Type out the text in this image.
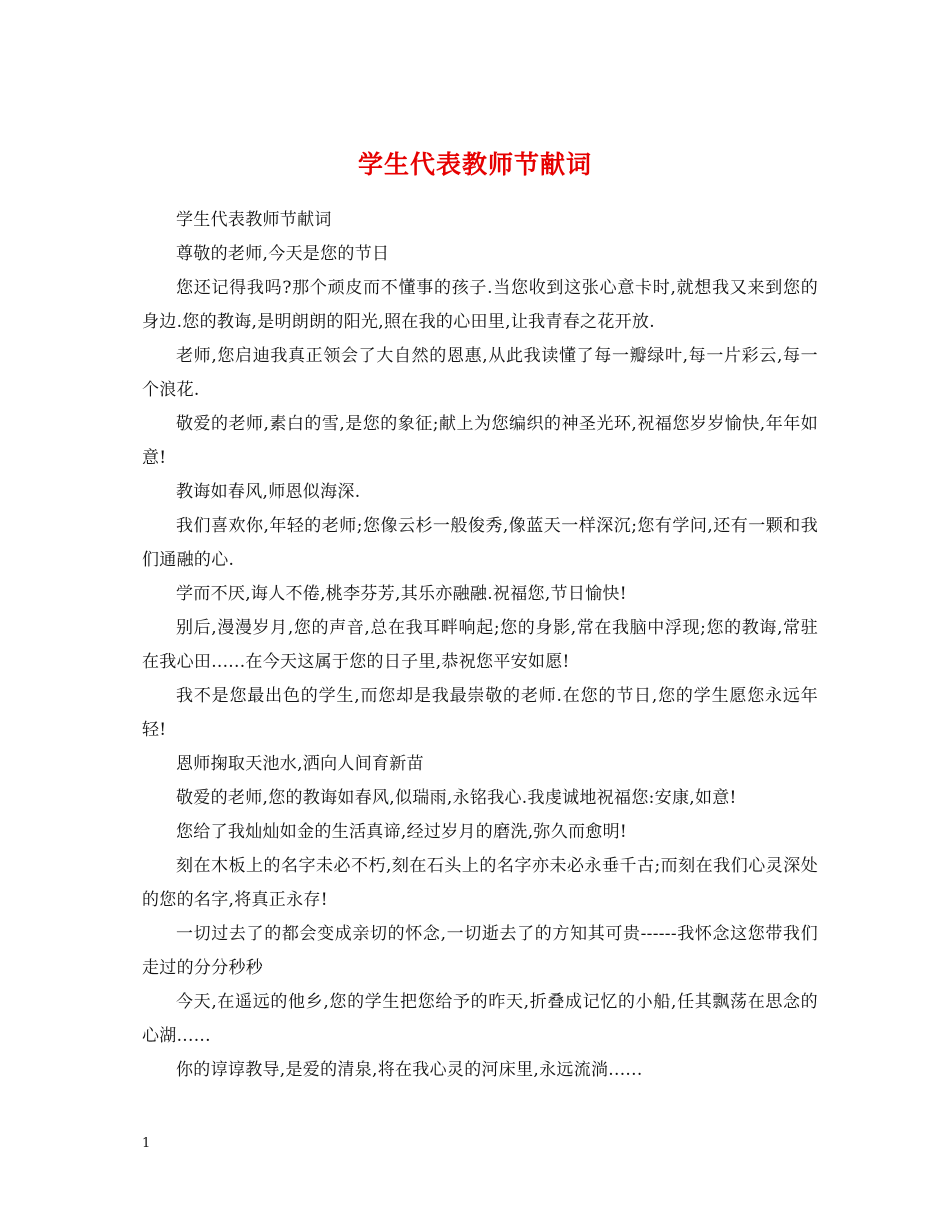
学生代表教师节献词

学生代表教师节献词

尊敬的老师,今天是您的节日

您还记得我吗?那个顽皮而不懂事的孩子.当您收到这张心意卡时,就想我又来到您的身边.您的教诲,是明朗朗的阳光,照在我的心田里,让我青春之花开放.

老师,您启迪我真正领会了大自然的恩惠,从此我读懂了每一瓣绿叶,每一片彩云,每一个浪花.

敬爱的老师,素白的雪,是您的象征;献上为您编织的神圣光环,祝福您岁岁愉快,年年如意!

教诲如春风,师恩似海深.

我们喜欢你,年轻的老师;您像云杉一般俊秀,像蓝天一样深沉;您有学问,还有一颗和我们通融的心.

学而不厌,诲人不倦,桃李芬芳,其乐亦融融.祝福您,节日愉快!

别后,漫漫岁月,您的声音,总在我耳畔响起;您的身影,常在我脑中浮现;您的教诲,常驻在我心田......在今天这属于您的日子里,恭祝您平安如愿!

我不是您最出色的学生,而您却是我最崇敬的老师.在您的节日,您的学生愿您永远年轻!

恩师掬取天池水,洒向人间育新苗

敬爱的老师,您的教诲如春风,似瑞雨,永铭我心.我虔诚地祝福您:安康,如意!

您给了我灿灿如金的生活真谛,经过岁月的磨洗,弥久而愈明!

刻在木板上的名字未必不朽,刻在石头上的名字亦未必永垂千古;而刻在我们心灵深处的您的名字,将真正永存!

一切过去了的都会变成亲切的怀念,一切逝去了的方知其可贵------我怀念这您带我们走过的分分秒秒

今天,在遥远的他乡,您的学生把您给予的昨天,折叠成记忆的小船,任其飘荡在思念的心湖......

你的谆谆教导,是爱的清泉,将在我心灵的河床里,永远流淌......

1
